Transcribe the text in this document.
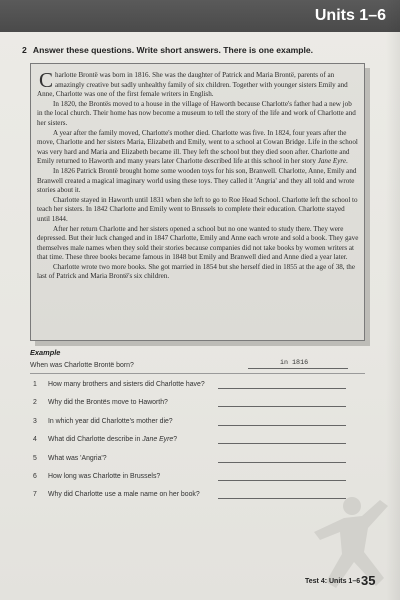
Units 1–6
2 Answer these questions. Write short answers. There is one example.

Charlotte Brontë was born in 1816. She was the daughter of Patrick and Maria Brontë, parents of an amazingly creative but sadly unhealthy family of six children. Together with younger sisters Emily and Anne, Charlotte was one of the first female writers in English.

In 1820, the Brontës moved to a house in the village of Haworth because Charlotte's father had a new job in the local church. Their home has now become a museum to tell the story of the life and work of Charlotte and her sisters.

A year after the family moved, Charlotte's mother died. Charlotte was five. In 1824, four years after the move, Charlotte and her sisters Maria, Elizabeth and Emily, went to a school at Cowan Bridge. Life in the school was very hard and Maria and Elizabeth became ill. They left the school but they died soon after. Charlotte and Emily returned to Haworth and many years later Charlotte described life at this school in her story Jane Eyre.

In 1826 Patrick Brontë brought home some wooden toys for his son, Branwell. Charlotte, Anne, Emily and Branwell created a magical imaginary world using these toys. They called it 'Angria' and they all told and wrote stories about it.

Charlotte stayed in Haworth until 1831 when she left to go to Roe Head School. Charlotte left the school to teach her sisters. In 1842 Charlotte and Emily went to Brussels to complete their education. Charlotte stayed until 1844.

After her return Charlotte and her sisters opened a school but no one wanted to study there. They were depressed. But their luck changed and in 1847 Charlotte, Emily and Anne each wrote and sold a book. They gave themselves male names when they sold their stories because companies did not take books by women writers at that time. These three books became famous in 1848 but Emily and Branwell died and Anne died a year later.

Charlotte wrote two more books. She got married in 1854 but she herself died in 1855 at the age of 38, the last of Patrick and Maria Brontë's six children.

Example
When was Charlotte Brontë born?	in 1816
1 How many brothers and sisters did Charlotte have?
2 Why did the Brontës move to Haworth?
3 In which year did Charlotte's mother die?
4 What did Charlotte describe in Jane Eyre?
5 What was 'Angria'?
6 How long was Charlotte in Brussels?
7 Why did Charlotte use a male name on her book?
Test 4: Units 1–6 35
